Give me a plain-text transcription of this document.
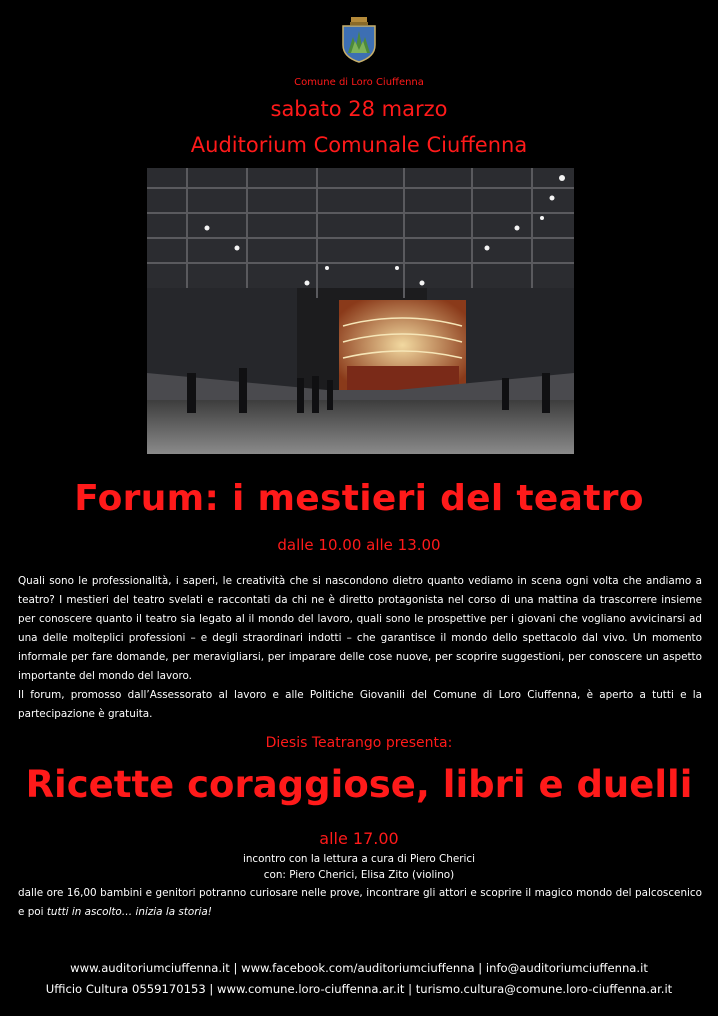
Comune di Loro Ciuffenna
sabato 28 marzo
Auditorium Comunale Ciuffenna
Forum: i mestieri del teatro
dalle 10.00 alle 13.00

Quali sono le professionalità, i saperi, le creatività che si nascondono dietro quanto vediamo in scena ogni volta che andiamo a teatro? I mestieri del teatro svelati e raccontati da chi ne è diretto protagonista nel corso di una mattina da trascorrere insieme per conoscere quanto il teatro sia legato al il mondo del lavoro, quali sono le prospettive per i giovani che vogliano avvicinarsi ad una delle molteplici professioni – e degli straordinari indotti – che garantisce il mondo dello spettacolo dal vivo. Un momento informale per fare domande, per meravigliarsi, per imparare delle cose nuove, per scoprire suggestioni, per conoscere un aspetto importante del mondo del lavoro.

Il forum, promosso dall’Assessorato al lavoro e alle Politiche Giovanili del Comune di Loro Ciuffenna, è aperto a tutti e la partecipazione è gratuita.

Diesis Teatrango presenta:
Ricette coraggiose, libri e duelli
alle 17.00
incontro con la lettura a cura di Piero Cherici
con: Piero Cherici, Elisa Zito (violino)

dalle ore 16,00 bambini e genitori potranno curiosare nelle prove, incontrare gli attori e scoprire il magico mondo del palcoscenico e poi tutti in ascolto… inizia la storia!

www.auditoriumciuffenna.it | www.facebook.com/auditoriumciuffenna | info@auditoriumciuffenna.it
Ufficio Cultura 0559170153 | www.comune.loro-ciuffenna.ar.it | turismo.cultura@comune.loro-ciuffenna.ar.it
